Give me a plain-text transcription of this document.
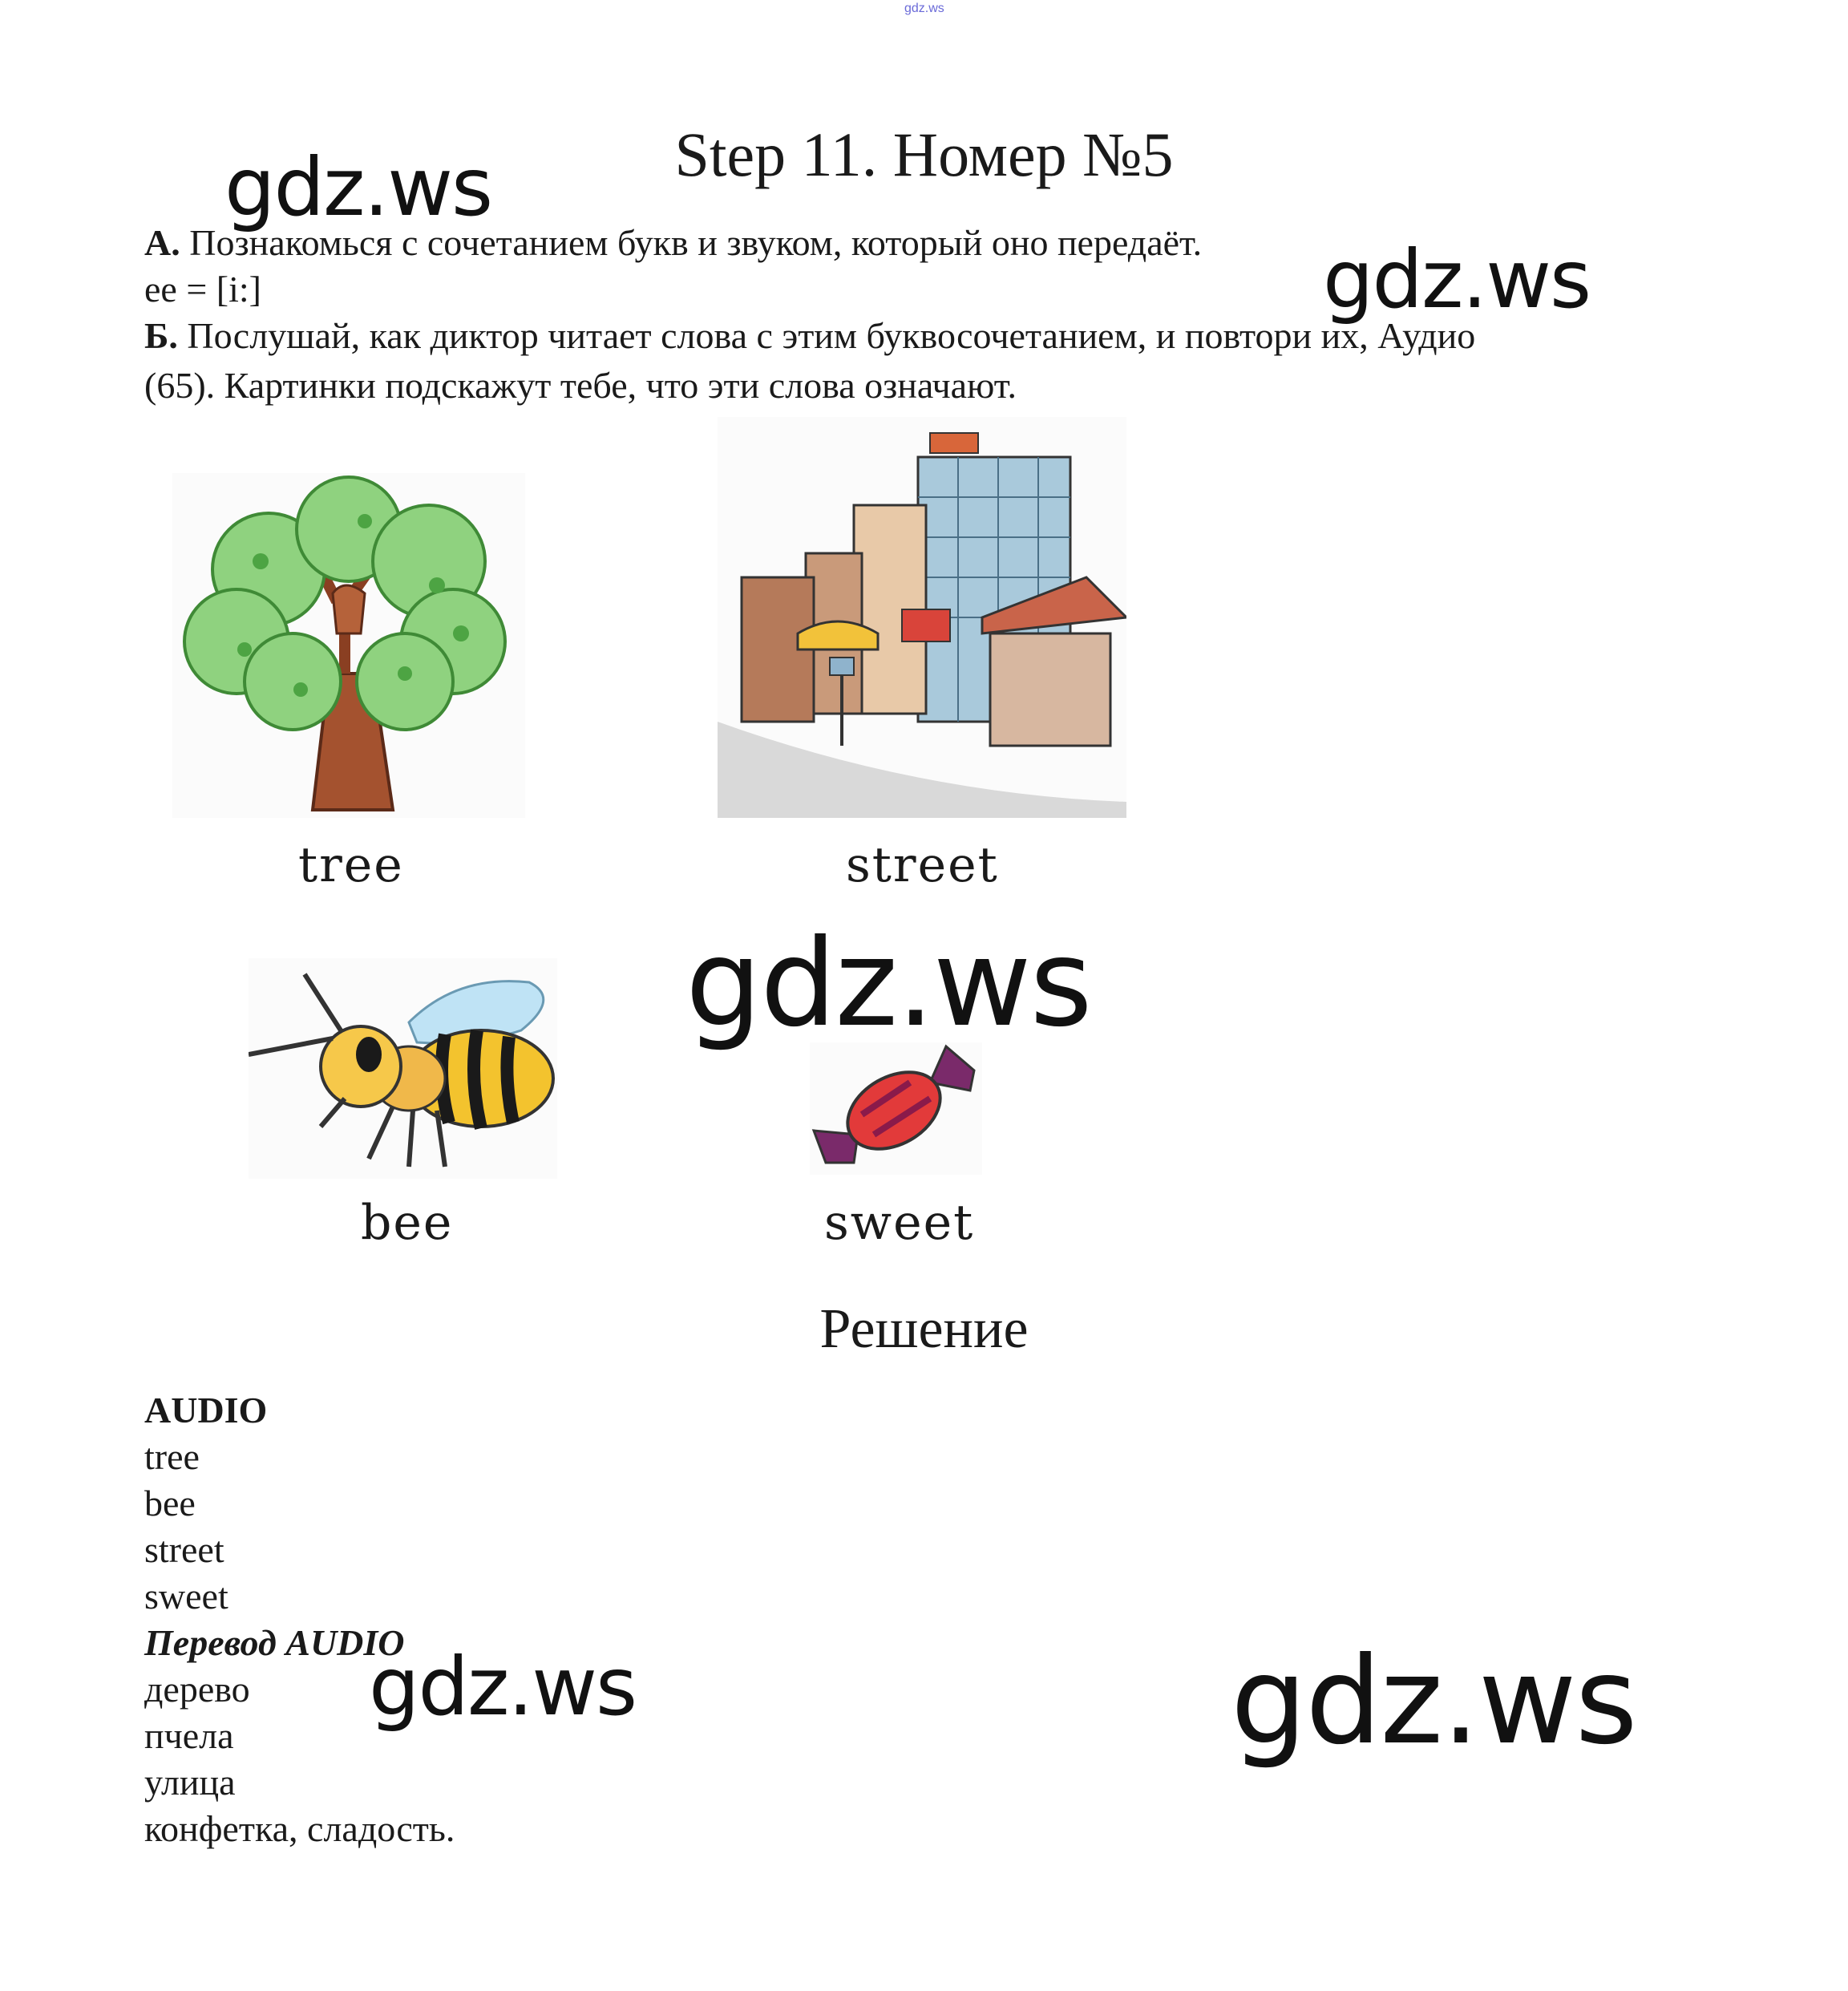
gdz.ws
Step 11. Номер №5
А. Познакомься с сочетанием букв и звуком, который оно передаёт.
ee = [i:]
Б. Послушай, как диктор читает слова с этим буквосочетанием, и повтори их, Аудио
(65). Картинки подскажут тебе, что эти слова означают.
tree	street
bee	sweet
Решение
AUDIO
tree
bee
street
sweet
Перевод AUDIO
дерево
пчела
улица
конфетка, сладость.
gdz.ws
gdz.ws
gdz.ws
gdz.ws	gdz.ws
